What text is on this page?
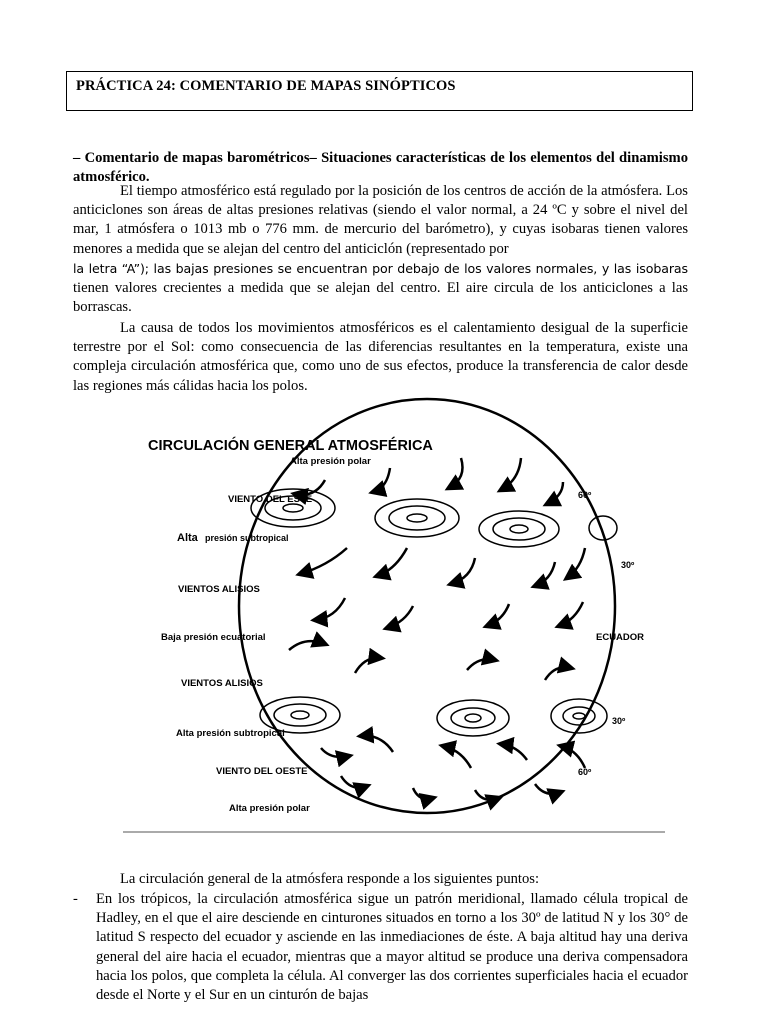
PRÁCTICA 24: COMENTARIO DE MAPAS SINÓPTICOS
– Comentario de mapas barométricos– Situaciones características de los elementos del dinamismo atmosférico.
El tiempo atmosférico está regulado por la posición de los centros de acción de la atmósfera. Los anticiclones son áreas de altas presiones relativas (siendo el valor normal, a 24 ºC y sobre el nivel del mar, 1 atmósfera o 1013 mb o 776 mm. de mercurio del barómetro), y cuyas isobaras tienen valores menores a medida que se alejan del centro del anticiclón (representado por
la letra “A”); las bajas presiones se encuentran por debajo de los valores normales, y las isobaras tienen valores crecientes a medida que se alejan del centro. El aire circula de los anticiclones a las borrascas.
La causa de todos los movimientos atmosféricos es el calentamiento desigual de la superficie terrestre por el Sol: como consecuencia de las diferencias resultantes en la temperatura, existe una compleja circulación atmosférica que, como uno de sus efectos, produce la transferencia de calor desde las regiones más cálidas hacia los polos.
CIRCULACIÓN GENERAL ATMOSFÉRICA
Alta presión polar
VIENTO DEL ESTE
Alta presión subtropical
VIENTOS ALISIOS
Baja presión ecuatorial
VIENTOS ALISIOS
Alta presión subtropical
VIENTO DEL OESTE
Alta presión polar
60º
30º
ECUADOR
30º
60º
La circulación general de la atmósfera responde a los siguientes puntos:
- En los trópicos, la circulación atmosférica sigue un patrón meridional, llamado célula tropical de Hadley, en el que el aire desciende en cinturones situados en torno a los 30º de latitud N y los 30° de latitud S respecto del ecuador y asciende en las inmediaciones de éste. A baja altitud hay una deriva general del aire hacia el ecuador, mientras que a mayor altitud se produce una deriva compensadora hacia los polos, que completa la célula. Al converger las dos corrientes superficiales hacia el ecuador desde el Norte y el Sur en un cinturón de bajas
